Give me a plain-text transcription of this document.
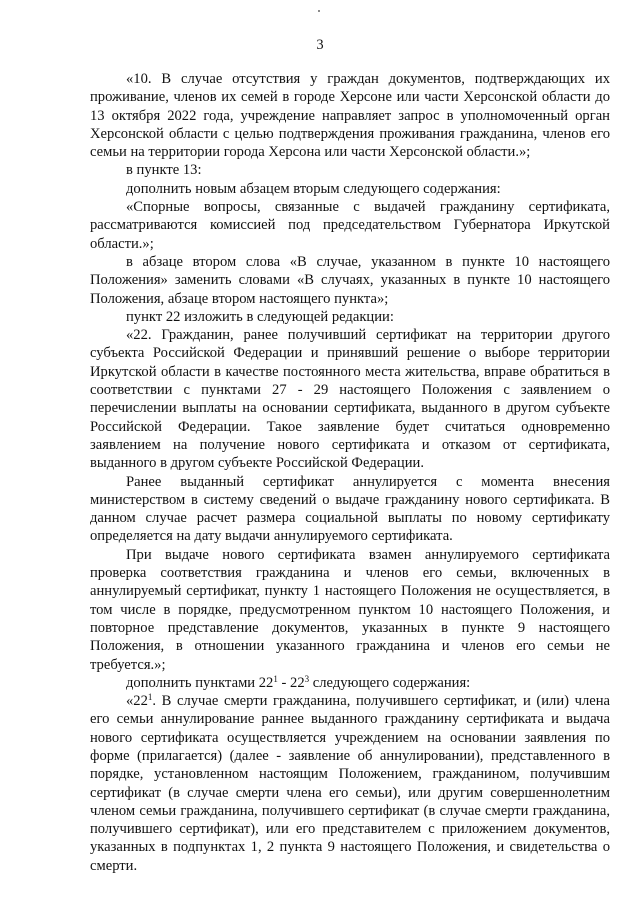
3

«10. В случае отсутствия у граждан документов, подтверждающих их проживание, членов их семей в городе Херсоне или части Херсонской области до 13 октября 2022 года, учреждение направляет запрос в уполномоченный орган Херсонской области с целью подтверждения проживания гражданина, членов его семьи на территории города Херсона или части Херсонской области.»;

в пункте 13:

дополнить новым абзацем вторым следующего содержания:

«Спорные вопросы, связанные с выдачей гражданину сертификата, рассматриваются комиссией под председательством Губернатора Иркутской области.»;

в абзаце втором слова «В случае, указанном в пункте 10 настоящего Положения» заменить словами «В случаях, указанных в пункте 10 настоящего Положения, абзаце втором настоящего пункта»;

пункт 22 изложить в следующей редакции:

«22. Гражданин, ранее получивший сертификат на территории другого субъекта Российской Федерации и принявший решение о выборе территории Иркутской области в качестве постоянного места жительства, вправе обратиться в соответствии с пунктами 27 - 29 настоящего Положения с заявлением о перечислении выплаты на основании сертификата, выданного в другом субъекте Российской Федерации. Такое заявление будет считаться одновременно заявлением на получение нового сертификата и отказом от сертификата, выданного в другом субъекте Российской Федерации.

Ранее выданный сертификат аннулируется с момента внесения министерством в систему сведений о выдаче гражданину нового сертификата. В данном случае расчет размера социальной выплаты по новому сертификату определяется на дату выдачи аннулируемого сертификата.

При выдаче нового сертификата взамен аннулируемого сертификата проверка соответствия гражданина и членов его семьи, включенных в аннулируемый сертификат, пункту 1 настоящего Положения не осуществляется, в том числе в порядке, предусмотренном пунктом 10 настоящего Положения, и повторное представление документов, указанных в пункте 9 настоящего Положения, в отношении указанного гражданина и членов его семьи не требуется.»;

дополнить пунктами $22^1 - 22^3$ следующего содержания:

«$22^1$. В случае смерти гражданина, получившего сертификат, и (или) члена его семьи аннулирование раннее выданного гражданину сертификата и выдача нового сертификата осуществляется учреждением на основании заявления по форме (прилагается) (далее - заявление об аннулировании), представленного в порядке, установленном настоящим Положением, гражданином, получившим сертификат (в случае смерти члена его семьи), или другим совершеннолетним членом семьи гражданина, получившего сертификат (в случае смерти гражданина, получившего сертификат), или его представителем с приложением документов, указанных в подпунктах 1, 2 пункта 9 настоящего Положения, и свидетельства о смерти.
